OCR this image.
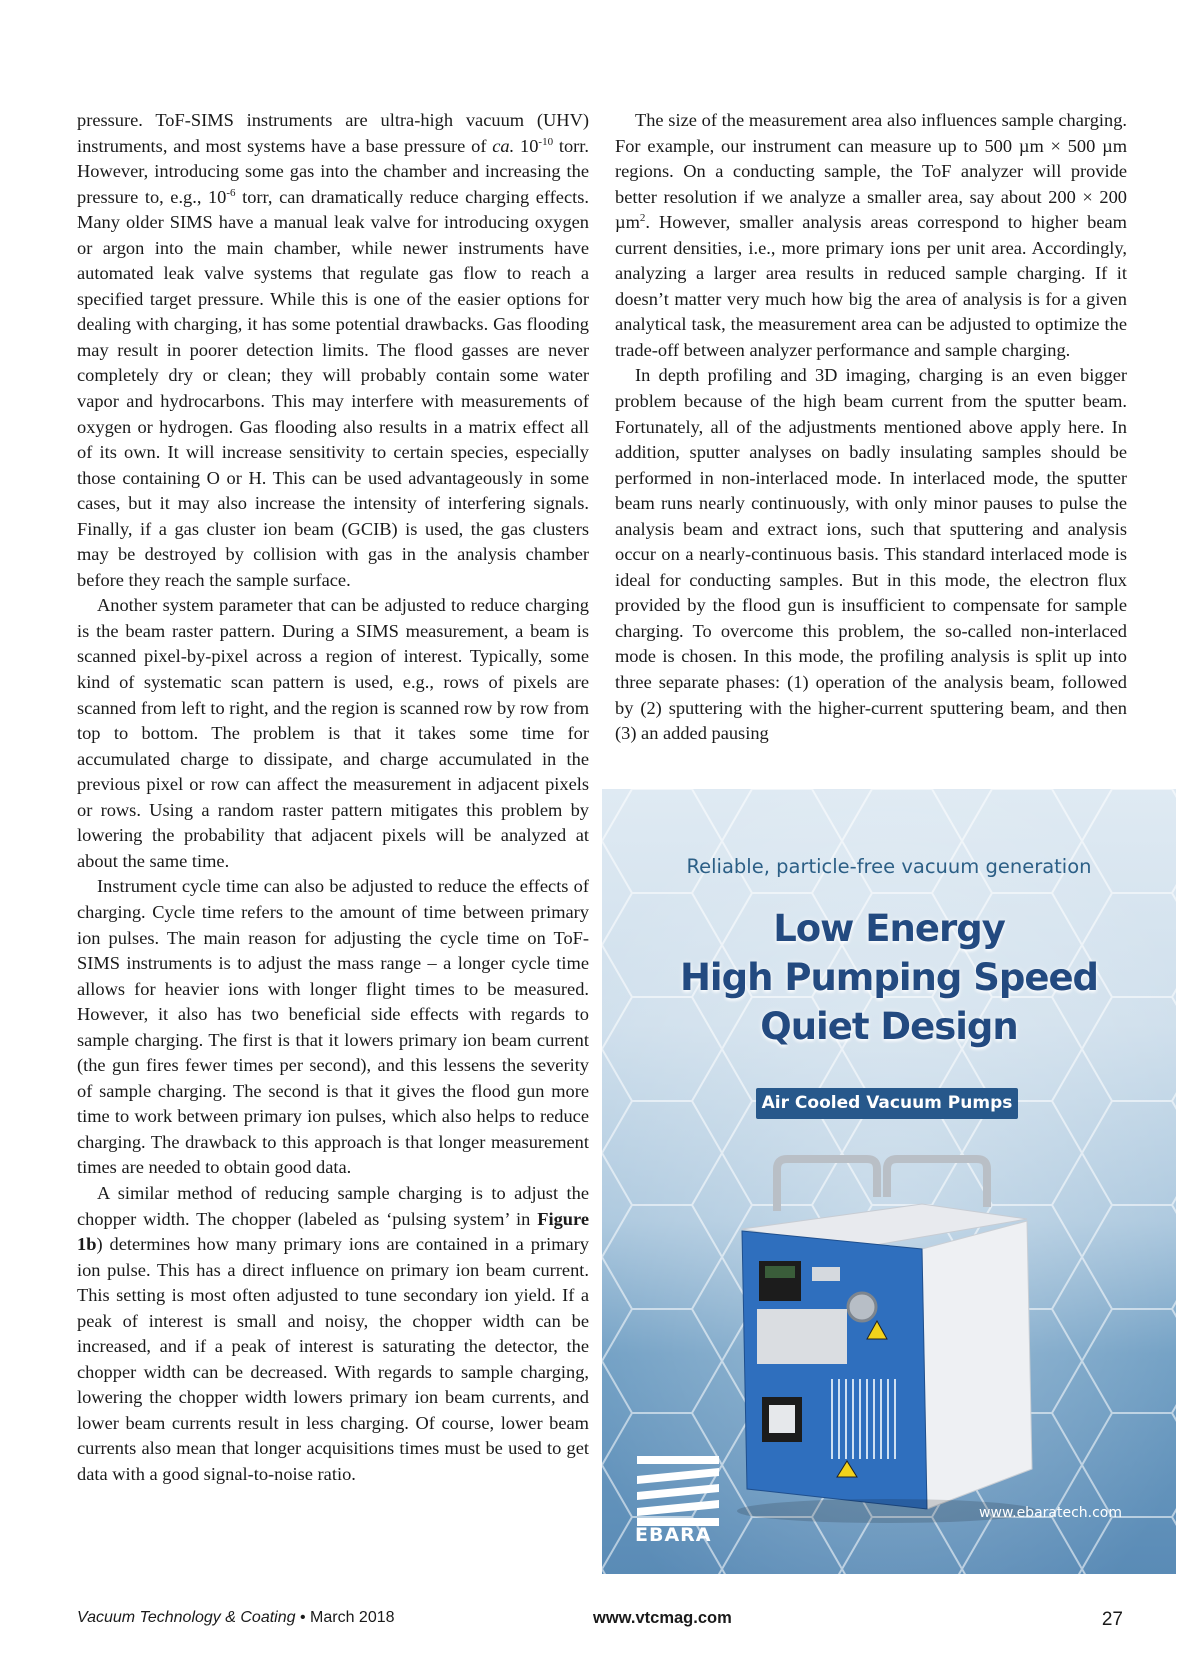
pressure. ToF-SIMS instruments are ultra-high vacuum (UHV) instruments, and most systems have a base pressure of ca. $10^{-10}$ torr. However, introducing some gas into the chamber and increasing the pressure to, e.g., $10^{-6}$ torr, can dramatically reduce charging effects. Many older SIMS have a manual leak valve for introducing oxygen or argon into the main chamber, while newer instruments have automated leak valve systems that regulate gas flow to reach a specified target pressure. While this is one of the easier options for dealing with charging, it has some potential drawbacks. Gas flooding may result in poorer detection limits. The flood gasses are never completely dry or clean; they will probably contain some water vapor and hydrocarbons. This may interfere with measurements of oxygen or hydrogen. Gas flooding also results in a matrix effect all of its own. It will increase sensitivity to certain species, especially those containing O or H. This can be used advantageously in some cases, but it may also increase the intensity of interfering signals. Finally, if a gas cluster ion beam (GCIB) is used, the gas clusters may be destroyed by collision with gas in the analysis chamber before they reach the sample surface.

Another system parameter that can be adjusted to reduce charging is the beam raster pattern. During a SIMS measurement, a beam is scanned pixel-by-pixel across a region of interest. Typically, some kind of systematic scan pattern is used, e.g., rows of pixels are scanned from left to right, and the region is scanned row by row from top to bottom. The problem is that it takes some time for accumulated charge to dissipate, and charge accumulated in the previous pixel or row can affect the measurement in adjacent pixels or rows. Using a random raster pattern mitigates this problem by lowering the probability that adjacent pixels will be analyzed at about the same time.

Instrument cycle time can also be adjusted to reduce the effects of charging. Cycle time refers to the amount of time between primary ion pulses. The main reason for adjusting the cycle time on ToF-SIMS instruments is to adjust the mass range – a longer cycle time allows for heavier ions with longer flight times to be measured. However, it also has two beneficial side effects with regards to sample charging. The first is that it lowers primary ion beam current (the gun fires fewer times per second), and this lessens the severity of sample charging. The second is that it gives the flood gun more time to work between primary ion pulses, which also helps to reduce charging. The drawback to this approach is that longer measurement times are needed to obtain good data.

A similar method of reducing sample charging is to adjust the chopper width. The chopper (labeled as ‘pulsing system’ in Figure 1b) determines how many primary ions are contained in a primary ion pulse. This has a direct influence on primary ion beam current. This setting is most often adjusted to tune secondary ion yield. If a peak of interest is small and noisy, the chopper width can be increased, and if a peak of interest is saturating the detector, the chopper width can be decreased. With regards to sample charging, lowering the chopper width lowers primary ion beam currents, and lower beam currents result in less charging. Of course, lower beam currents also mean that longer acquisitions times must be used to get data with a good signal-to-noise ratio.

The size of the measurement area also influences sample charging. For example, our instrument can measure up to 500 µm × 500 µm regions. On a conducting sample, the ToF analyzer will provide better resolution if we analyze a smaller area, say about 200 × 200 µm$^2$. However, smaller analysis areas correspond to higher beam current densities, i.e., more primary ions per unit area. Accordingly, analyzing a larger area results in reduced sample charging. If it doesn’t matter very much how big the area of analysis is for a given analytical task, the measurement area can be adjusted to optimize the trade-off between analyzer performance and sample charging.

In depth profiling and 3D imaging, charging is an even bigger problem because of the high beam current from the sputter beam. Fortunately, all of the adjustments mentioned above apply here. In addition, sputter analyses on badly insulating samples should be performed in non-interlaced mode. In interlaced mode, the sputter beam runs nearly continuously, with only minor pauses to pulse the analysis beam and extract ions, such that sputtering and analysis occur on a nearly-continuous basis. This standard interlaced mode is ideal for conducting samples. But in this mode, the electron flux provided by the flood gun is insufficient to compensate for sample charging. To overcome this problem, the so-called non-interlaced mode is chosen. In this mode, the profiling analysis is split up into three separate phases: (1) operation of the analysis beam, followed by (2) sputtering with the higher-current sputtering beam, and then (3) an added pausing

Reliable, particle-free vacuum generation
Low Energy
High Pumping Speed
Quiet Design
Air Cooled Vacuum Pumps
EBARA
www.ebaratech.com
Vacuum Technology & Coating • March 2018	www.vtcmag.com	27
